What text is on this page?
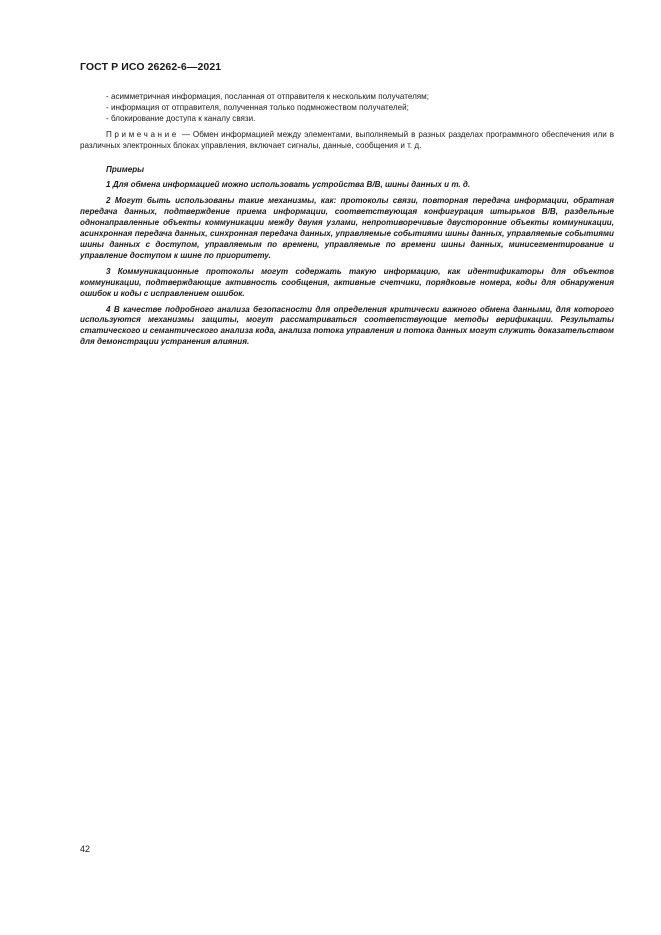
ГОСТ Р ИСО 26262-6—2021
- асимметричная информация, посланная от отправителя к нескольким получателям;
- информация от отправителя, полученная только подмножеством получателей;
- блокирование доступа к каналу связи.

Примечание — Обмен информацией между элементами, выполняемый в разных разделах программного обеспечения или в различных электронных блоках управления, включает сигналы, данные, сообщения и т. д.

Примеры

1 Для обмена информацией можно использовать устройства В/В, шины данных и т. д.

2 Могут быть использованы такие механизмы, как: протоколы связи, повторная передача информации, обратная передача данных, подтверждение приема информации, соответствующая конфигурация штырьков В/В, раздельные однонаправленные объекты коммуникации между двумя узлами, непротиворечивые двусторонние объекты коммуникации, асинхронная передача данных, синхронная передача данных, управляемые событиями шины данных, управляемые событиями шины данных с доступом, управляемым по времени, управляемые по времени шины данных, минисегментирование и управление доступом к шине по приоритету.

3 Коммуникационные протоколы могут содержать такую информацию, как идентификаторы для объектов коммуникации, подтверждающие активность сообщения, активные счетчики, порядковые номера, коды для обнаружения ошибок и коды с исправлением ошибок.

4 В качестве подробного анализа безопасности для определения критически важного обмена данными, для которого используются механизмы защиты, могут рассматриваться соответствующие методы верификации. Результаты статического и семантического анализа кода, анализа потока управления и потока данных могут служить доказательством для демонстрации устранения влияния.

42
